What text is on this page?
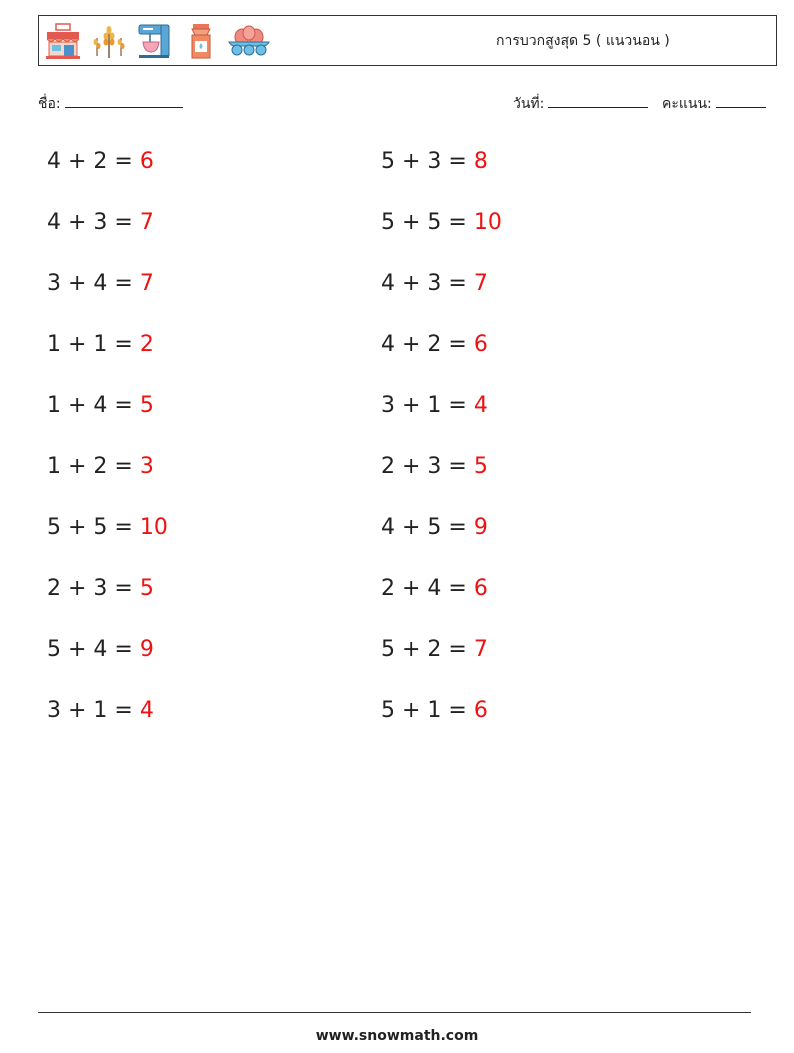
การบวกสูงสุด 5 ( แนวนอน )
ชื่อ:	วันที่:	คะแนน:
4 + 2 = 6	5 + 3 = 8
4 + 3 = 7	5 + 5 = 10
3 + 4 = 7	4 + 3 = 7
1 + 1 = 2	4 + 2 = 6
1 + 4 = 5	3 + 1 = 4
1 + 2 = 3	2 + 3 = 5
5 + 5 = 10	4 + 5 = 9
2 + 3 = 5	2 + 4 = 6
5 + 4 = 9	5 + 2 = 7
3 + 1 = 4	5 + 1 = 6
www.snowmath.com
